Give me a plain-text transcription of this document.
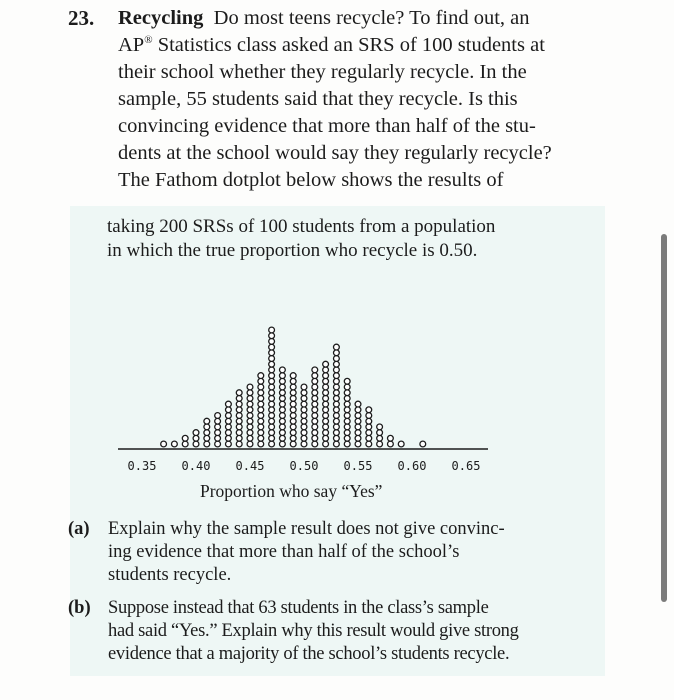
23. Recycling Do most teens recycle? To find out, an
AP® Statistics class asked an SRS of 100 students at
their school whether they regularly recycle. In the
sample, 55 students said that they recycle. Is this
convincing evidence that more than half of the stu-
dents at the school would say they regularly recycle?
The Fathom dotplot below shows the results of
taking 200 SRSs of 100 students from a population
in which the true proportion who recycle is 0.50.
0.35 0.40 0.45 0.50 0.55 0.60 0.65
Proportion who say “Yes”
(a) Explain why the sample result does not give convinc-
ing evidence that more than half of the school’s
students recycle.
(b) Suppose instead that 63 students in the class’s sample
had said “Yes.” Explain why this result would give strong
evidence that a majority of the school’s students recycle.
